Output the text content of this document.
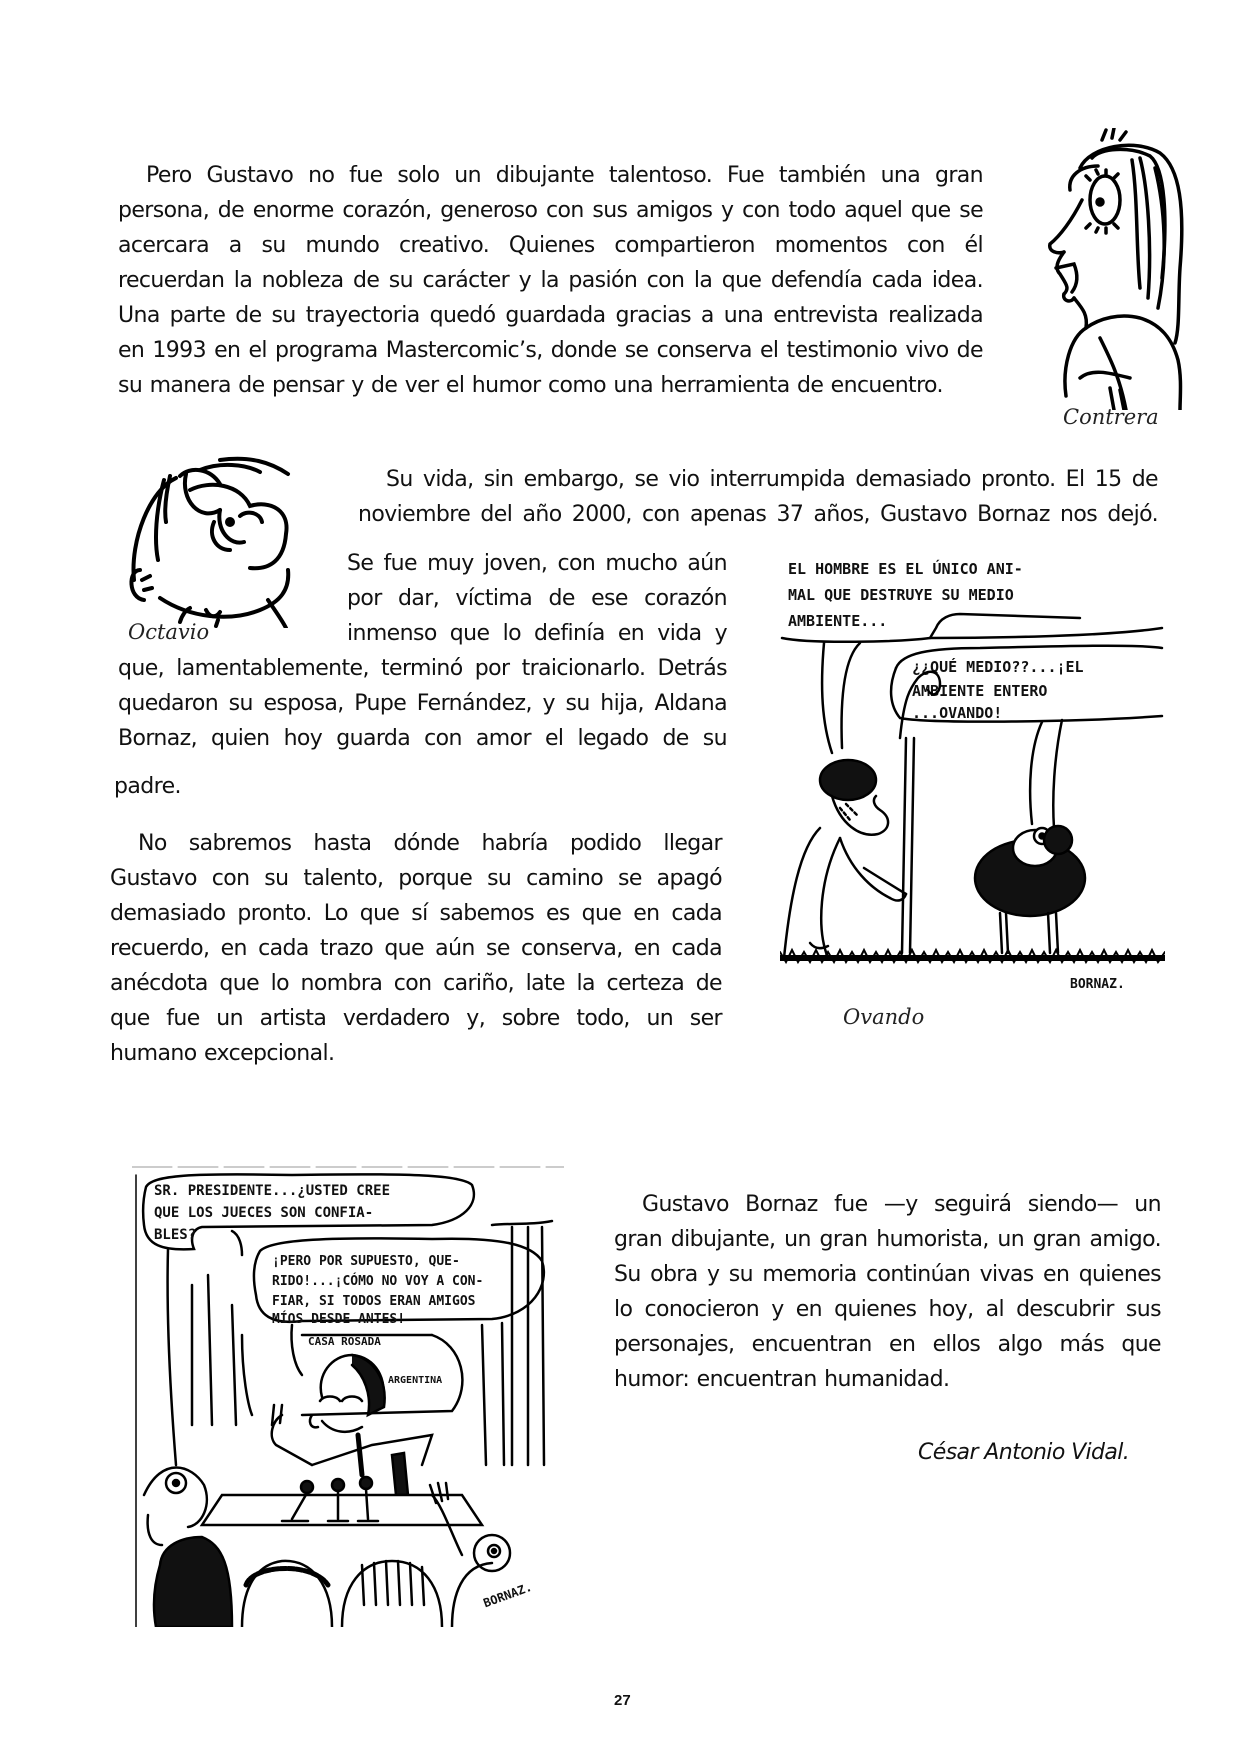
Pero Gustavo no fue solo un dibujante talentoso. Fue también una gran
persona, de enorme corazón, generoso con sus amigos y con todo aquel que se
acercara a su mundo creativo. Quienes compartieron momentos con él
recuerdan la nobleza de su carácter y la pasión con la que defendía cada idea.
Una parte de su trayectoria quedó guardada gracias a una entrevista realizada
en 1993 en el programa Mastercomic’s, donde se conserva el testimonio vivo de
su manera de pensar y de ver el humor como una herramienta de encuentro.
Contrera
Octavio
Su vida, sin embargo, se vio interrumpida demasiado pronto. El 15 de
noviembre del año 2000, con apenas 37 años, Gustavo Bornaz nos dejó.
Se fue muy joven, con mucho aún
por dar, víctima de ese corazón
inmenso que lo definía en vida y
que, lamentablemente, terminó por traicionarlo. Detrás
quedaron su esposa, Pupe Fernández, y su hija, Aldana
Bornaz, quien hoy guarda con amor el legado de su
padre.
No sabremos hasta dónde habría podido llegar
Gustavo con su talento, porque su camino se apagó
demasiado pronto. Lo que sí sabemos es que en cada
recuerdo, en cada trazo que aún se conserva, en cada
anécdota que lo nombra con cariño, late la certeza de
que fue un artista verdadero y, sobre todo, un ser
humano excepcional.
EL HOMBRE ES EL ÚNICO ANI-
MAL QUE DESTRUYE SU MEDIO
AMBIENTE...
¿¿QUÉ MEDIO??...¡EL
AMBIENTE ENTERO
...OVANDO!
BORNAZ.
Ovando
SR. PRESIDENTE...¿USTED CREE
QUE LOS JUECES SON CONFIA-
BLES?
¡PERO POR SUPUESTO, QUE-
RIDO!...¡CÓMO NO VOY A CON-
FIAR, SI TODOS ERAN AMIGOS
MÍOS DESDE ANTES!
CASA ROSADA
ARGENTINA
BORNAZ.
Gustavo Bornaz fue —y seguirá siendo— un
gran dibujante, un gran humorista, un gran amigo.
Su obra y su memoria continúan vivas en quienes
lo conocieron y en quienes hoy, al descubrir sus
personajes, encuentran en ellos algo más que
humor: encuentran humanidad.
César Antonio Vidal.
27
